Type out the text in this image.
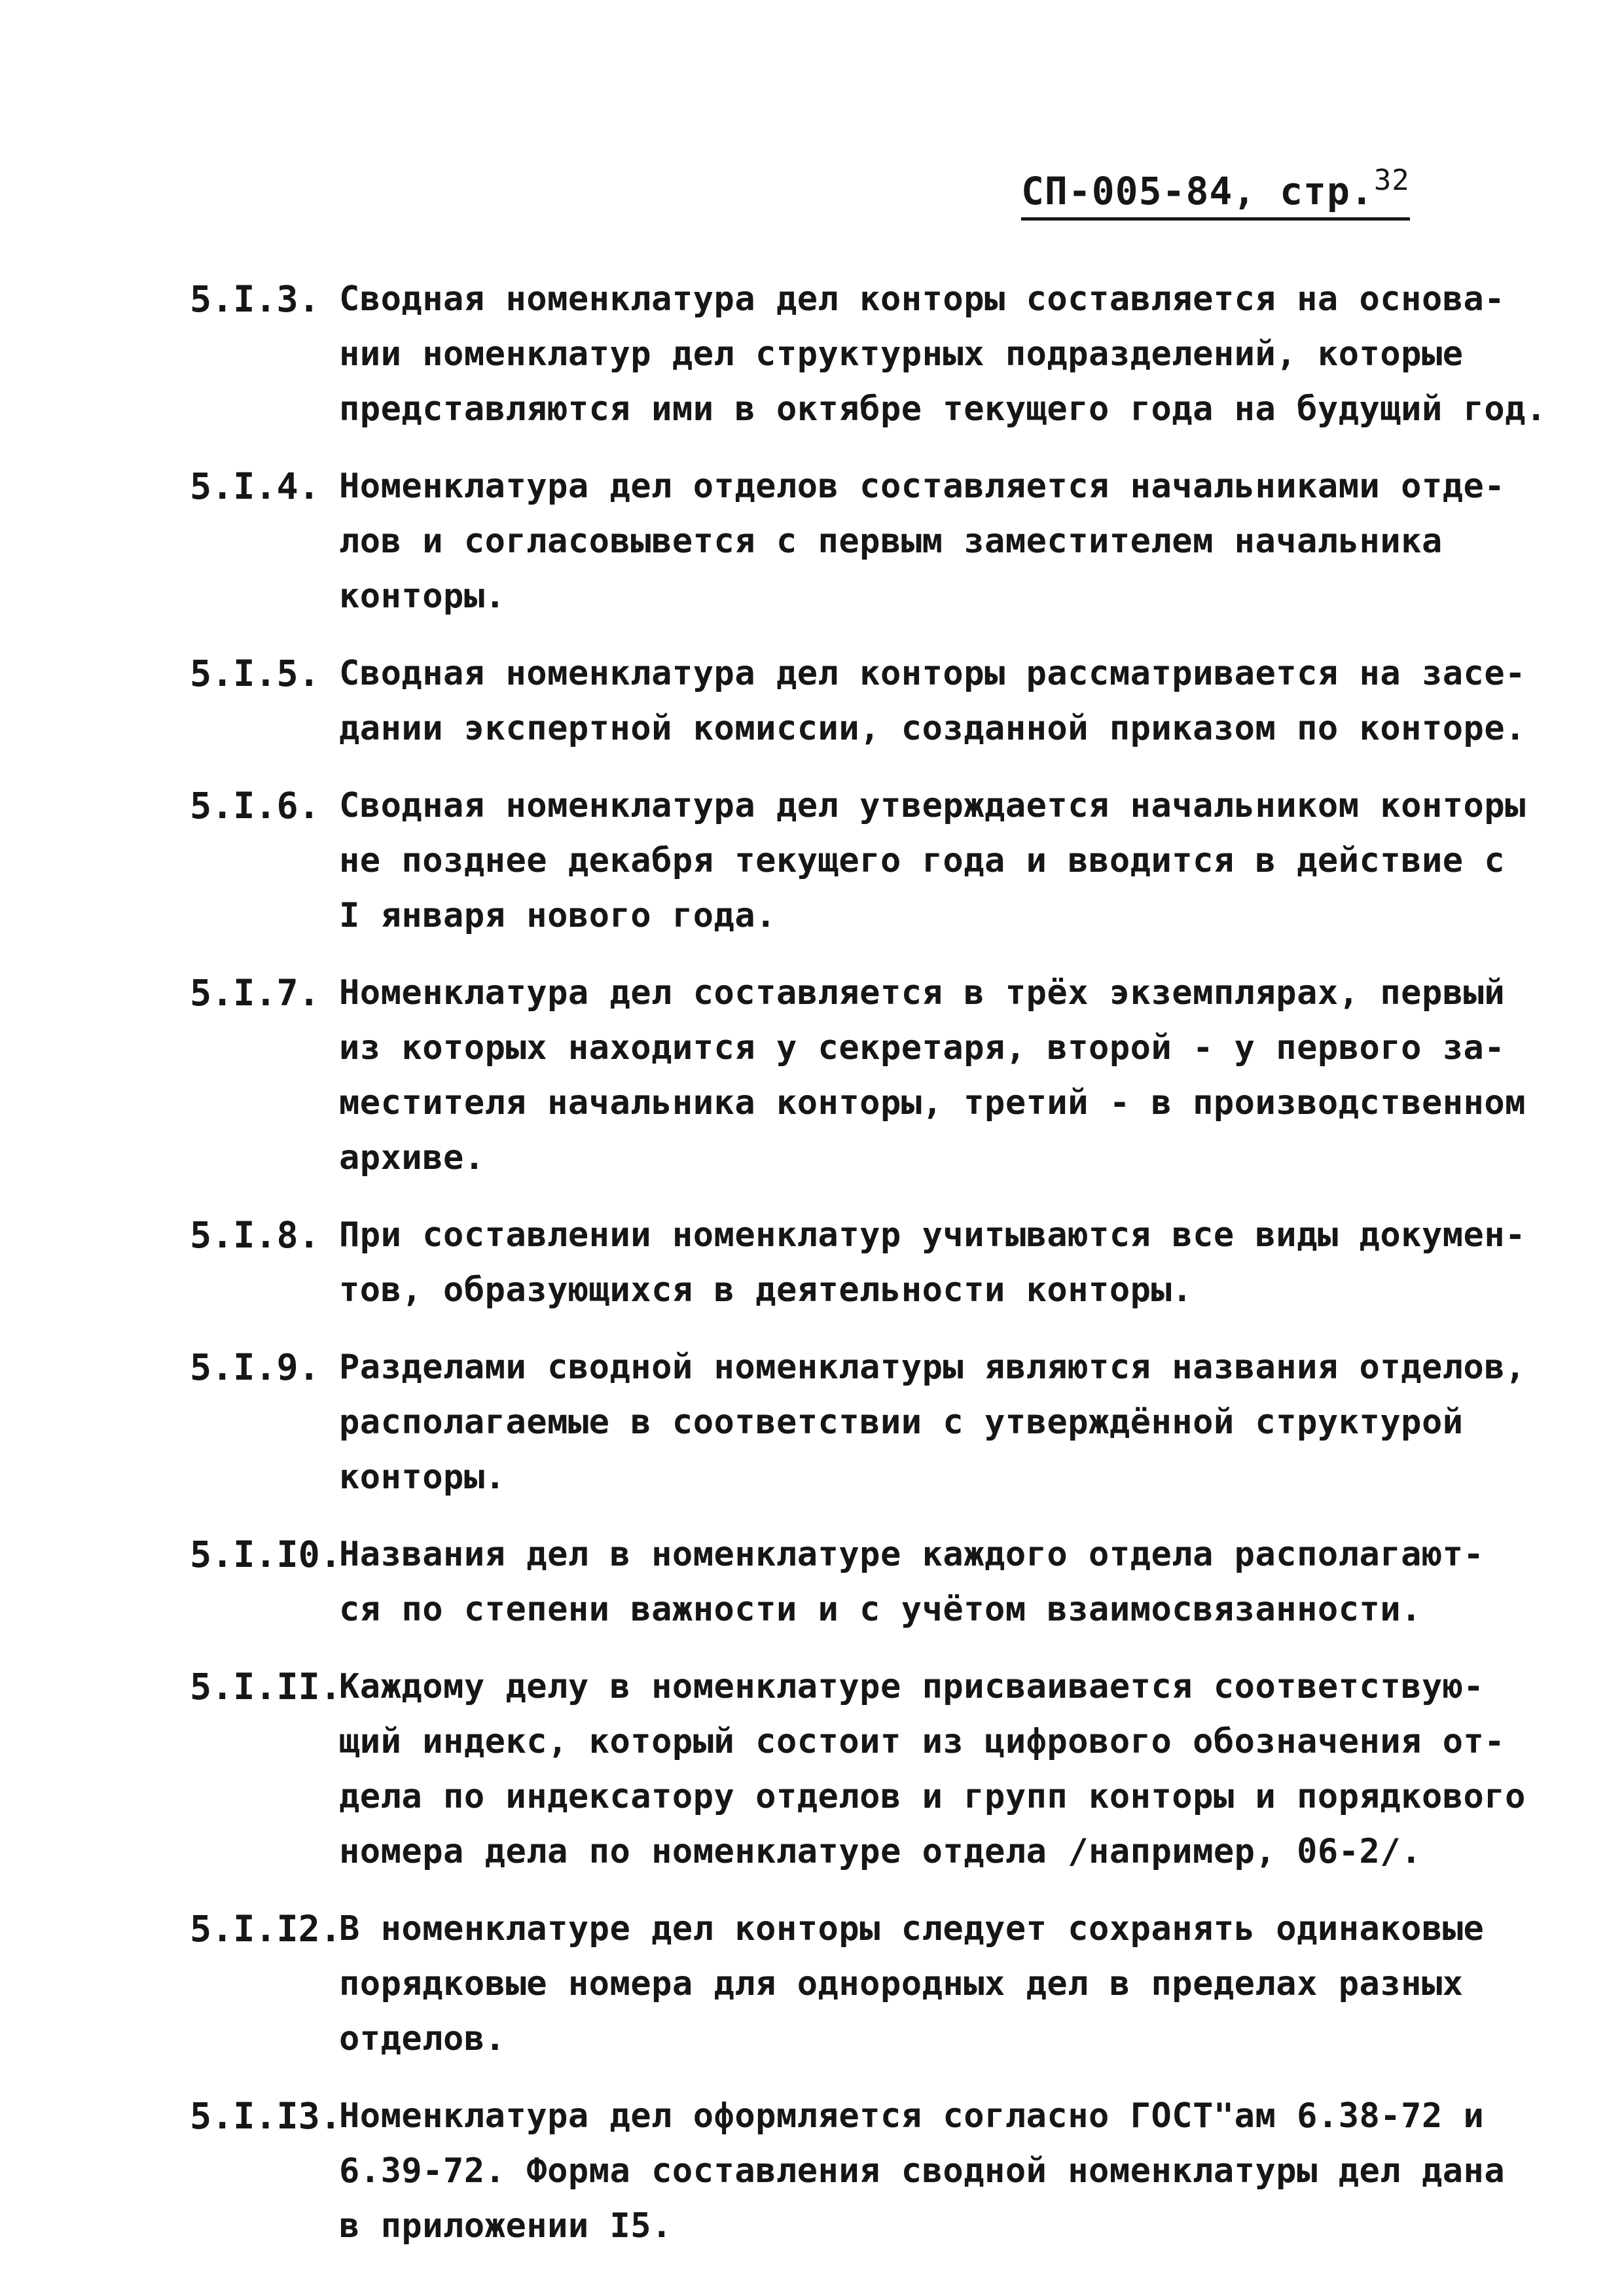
СП-005-84, стр.$^{32}$
5.I.3. Сводная номенклатура дел конторы составляется на основа-
нии номенклатур дел структурных подразделений, которые
представляются ими в октябре текущего года на будущий год.
5.I.4. Номенклатура дел отделов составляется начальниками отде-
лов и согласовывется с первым заместителем начальника
конторы.
5.I.5. Сводная номенклатура дел конторы рассматривается на засе-
дании экспертной комиссии, созданной приказом по конторе.
5.I.6. Сводная номенклатура дел утверждается начальником конторы
не позднее декабря текущего года и вводится в действие с
I января нового года.
5.I.7. Номенклатура дел составляется в трёх экземплярах, первый
из которых находится у секретаря, второй - у первого за-
местителя начальника конторы, третий - в производственном
архиве.
5.I.8. При составлении номенклатур учитываются все виды докумен-
тов, образующихся в деятельности конторы.
5.I.9. Разделами сводной номенклатуры являются названия отделов,
располагаемые в соответствии с утверждённой структурой
конторы.
5.I.I0.
Названия дел в номенклатуре каждого отдела располагают-
ся по степени важности и с учётом взаимосвязанности.
5.I.II.
Каждому делу в номенклатуре присваивается соответствую-
щий индекс, который состоит из цифрового обозначения от-
дела по индексатору отделов и групп конторы и порядкового
номера дела по номенклатуре отдела /например, 06-2/.
5.I.I2.
В номенклатуре дел конторы следует сохранять одинаковые
порядковые номера для однородных дел в пределах разных
отделов.
5.I.I3.
Номенклатура дел оформляется согласно ГОСТ"ам 6.38-72 и
6.39-72. Форма составления сводной номенклатуры дел дана
в приложении I5.
